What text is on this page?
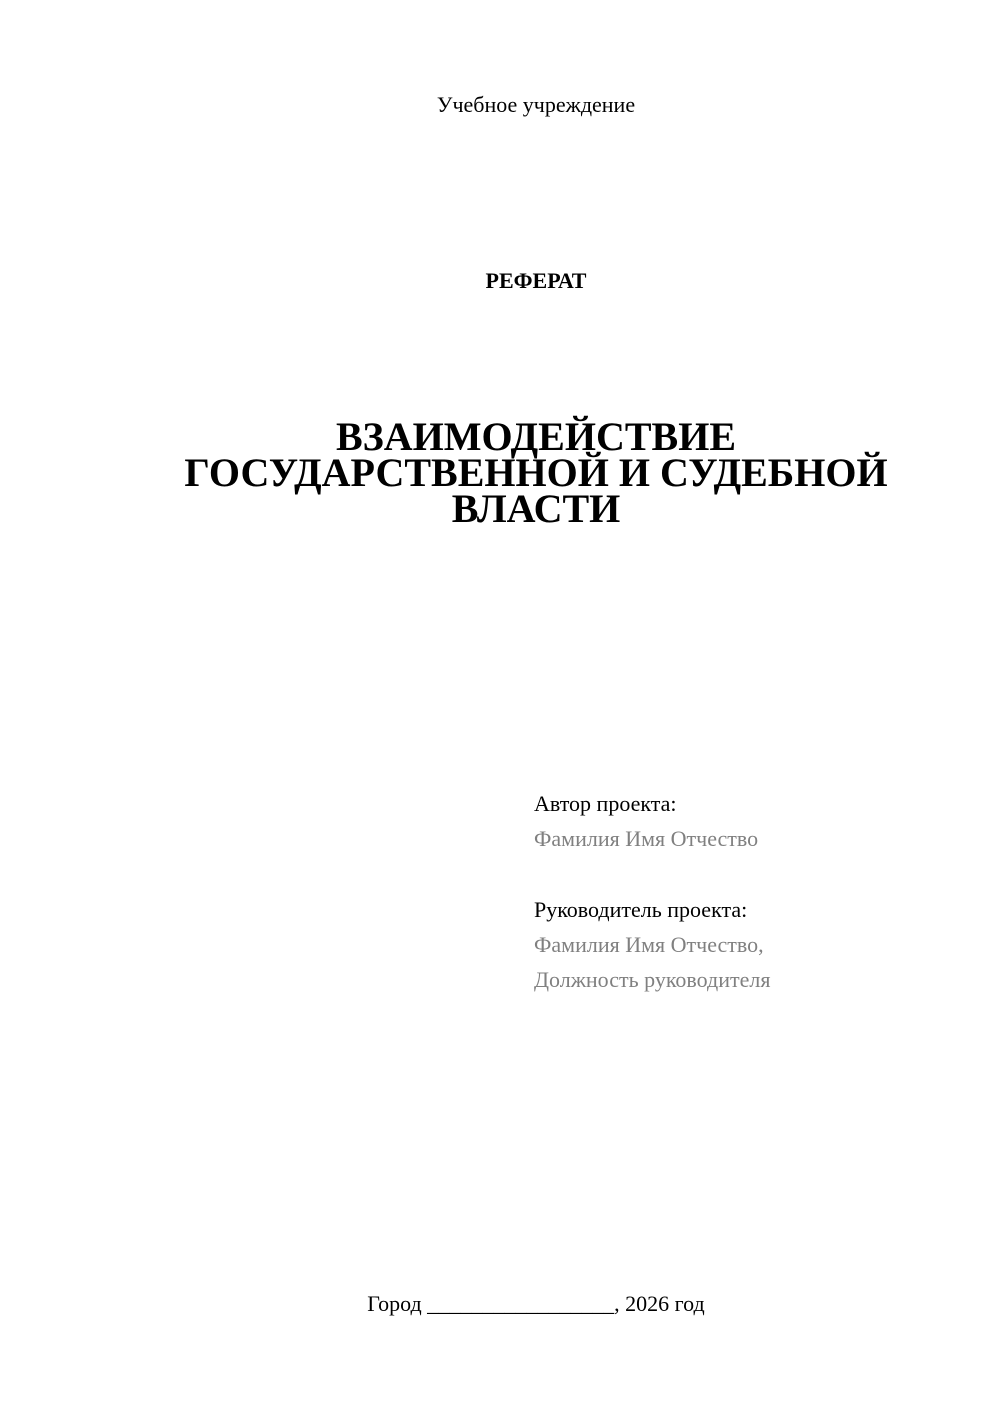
Учебное учреждение
РЕФЕРАТ
ВЗАИМОДЕЙСТВИЕ
ГОСУДАРСТВЕННОЙ И СУДЕБНОЙ
ВЛАСТИ
Автор проекта:
Фамилия Имя Отчество
Руководитель проекта:
Фамилия Имя Отчество,
Должность руководителя
Город _________________, 2026 год
